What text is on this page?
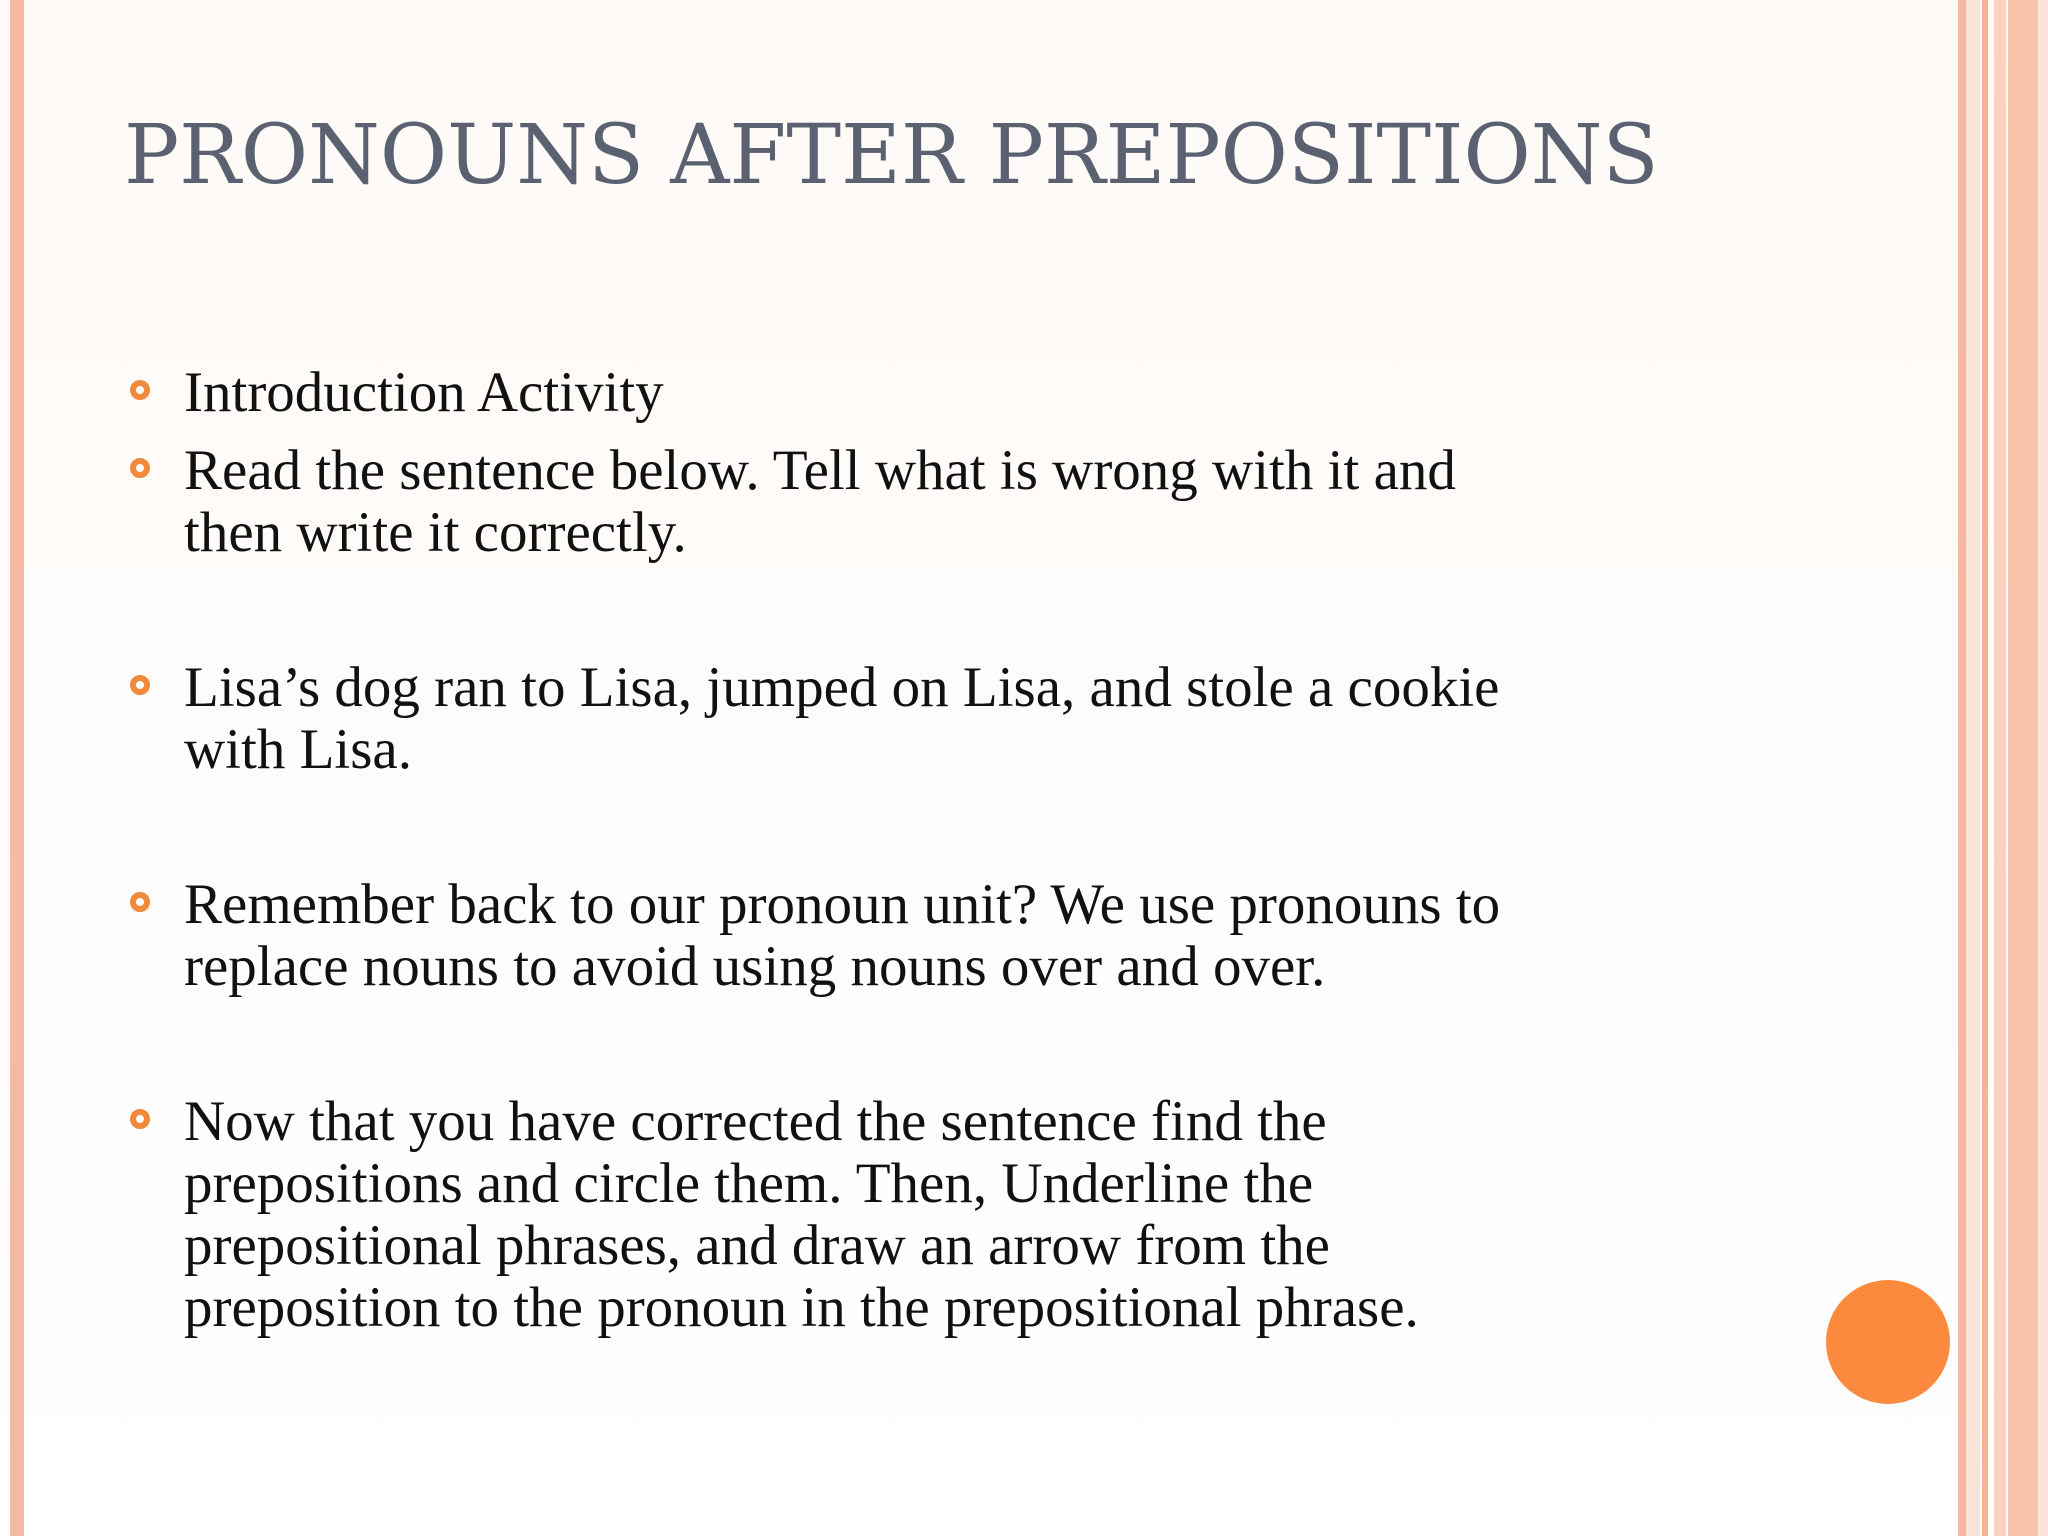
PRONOUNS AFTER PREPOSITIONS
Introduction Activity
Read the sentence below. Tell what is wrong with it and
then write it correctly.
Lisa’s dog ran to Lisa, jumped on Lisa, and stole a cookie
with Lisa.
Remember back to our pronoun unit? We use pronouns to
replace nouns to avoid using nouns over and over.
Now that you have corrected the sentence find the
prepositions and circle them. Then, Underline the
prepositional phrases, and draw an arrow from the
preposition to the pronoun in the prepositional phrase.
